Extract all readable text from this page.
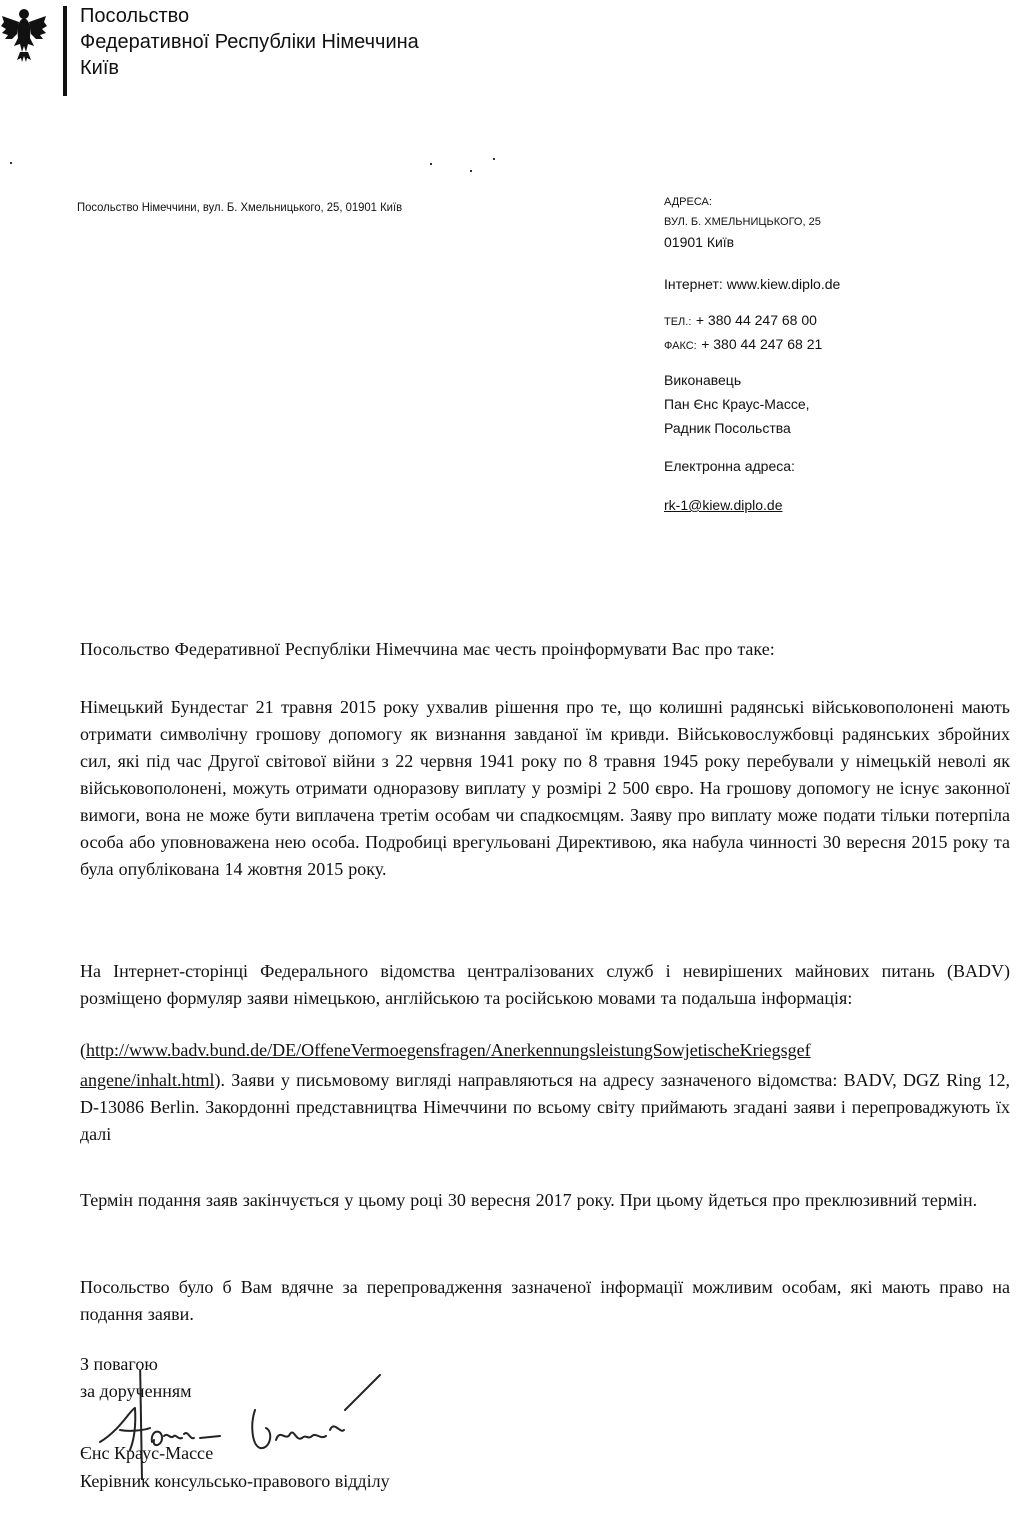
Посольство
Федеративної Республіки Німеччина
Київ
Посольство Німеччини, вул. Б. Хмельницького, 25, 01901 Київ	АДРЕСА:
ВУЛ. Б. ХМЕЛЬНИЦЬКОГО, 25
01901 Київ
Інтернет: www.kiew.diplo.de
ТЕЛ.: + 380 44 247 68 00
ФАКС: + 380 44 247 68 21
Виконавець
Пан Єнс Краус-Массе,
Радник Посольства
Електронна адреса:
rk-1@kiew.diplo.de
Посольство Федеративної Республіки Німеччина має честь проінформувати Вас про таке:
Німецький Бундестаг 21 травня 2015 року ухвалив рішення про те, що колишні радянські військовополонені мають отримати символічну грошову допомогу як визнання завданої їм кривди. Військовослужбовці радянських збройних сил, які під час Другої світової війни з 22 червня 1941 року по 8 травня 1945 року перебували у німецькій неволі як військовополонені, можуть отримати одноразову виплату у розмірі 2 500 євро. На грошову допомогу не існує законної вимоги, вона не може бути виплачена третім особам чи спадкоємцям. Заяву про виплату може подати тільки потерпіла особа або уповноважена нею особа. Подробиці врегульовані Директивою, яка набула чинності 30 вересня 2015 року та була опублікована 14 жовтня 2015 року.
На Інтернет-сторінці Федерального відомства централізованих служб і невирішених майнових питань (BADV) розміщено формуляр заяви німецькою, англійською та російською мовами та подальша інформація:
(http://www.badv.bund.de/DE/OffeneVermoegensfragen/AnerkennungsleistungSowjetischeKriegsgef
angene/inhalt.html). Заяви у письмовому вигляді направляються на адресу зазначеного відомства: BADV, DGZ Ring 12, D-13086 Berlin. Закордонні представництва Німеччини по всьому світу приймають згадані заяви і перепроваджують їх далі
Термін подання заяв закінчується у цьому році 30 вересня 2017 року. При цьому йдеться про преклюзивний термін.
Посольство було б Вам вдячне за перепровадження зазначеної інформації можливим особам, які мають право на подання заяви.
З повагою
за дорученням
Єнс Краус-Массе
Керівник консульсько-правового відділу
